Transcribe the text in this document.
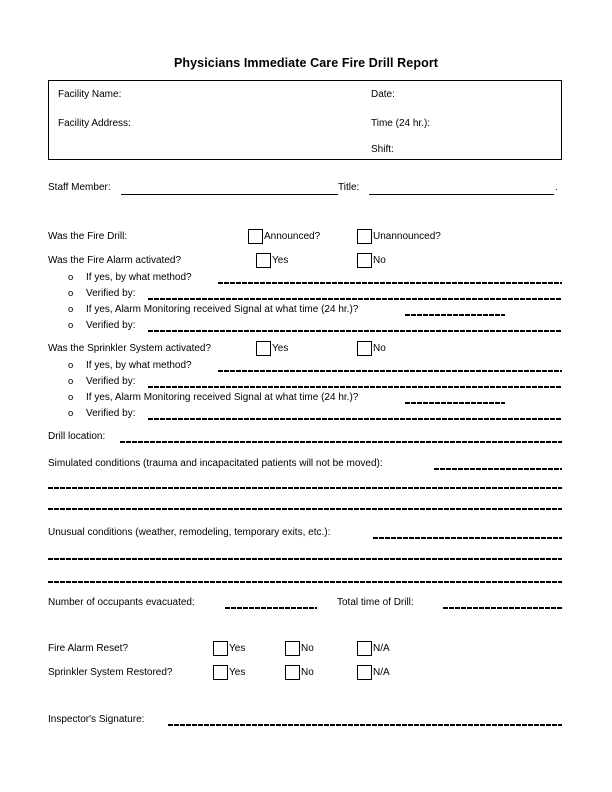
Physicians Immediate Care Fire Drill Report
Facility Name:	Date:
Facility Address:	Time (24 hr.):
Shift:
Staff Member:	Title:	.
Was the Fire Drill:	Announced?	Unannounced?
Was the Fire Alarm activated?	Yes	No
o If yes, by what method?
o Verified by:
o If yes, Alarm Monitoring received Signal at what time (24 hr.)?
o Verified by:
Was the Sprinkler System activated?	Yes	No
o If yes, by what method?
o Verified by:
o If yes, Alarm Monitoring received Signal at what time (24 hr.)?
o Verified by:
Drill location:
Simulated conditions (trauma and incapacitated patients will not be moved):
Unusual conditions (weather, remodeling, temporary exits, etc.):
Number of occupants evacuated:	Total time of Drill:
Fire Alarm Reset?	Yes	No	N/A
Sprinkler System Restored?	Yes	No	N/A
Inspector's Signature:
